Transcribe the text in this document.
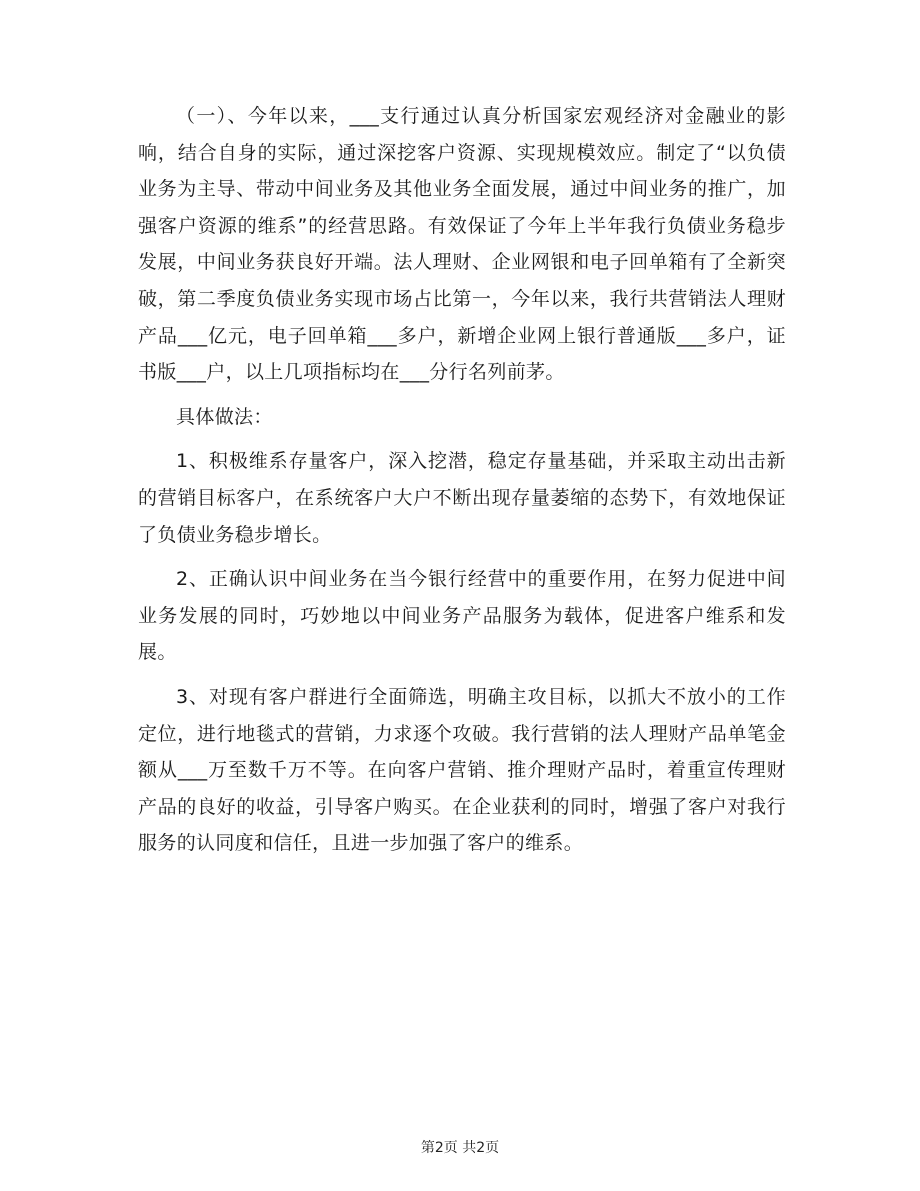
（一）、今年以来，___支行通过认真分析国家宏观经济对金融业的影响，结合自身的实际，通过深挖客户资源、实现规模效应。制定了“以负债业务为主导、带动中间业务及其他业务全面发展，通过中间业务的推广，加强客户资源的维系”的经营思路。有效保证了今年上半年我行负债业务稳步发展，中间业务获良好开端。法人理财、企业网银和电子回单箱有了全新突破，第二季度负债业务实现市场占比第一，今年以来，我行共营销法人理财产品___亿元，电子回单箱___多户，新增企业网上银行普通版___多户，证书版___户，以上几项指标均在___分行名列前茅。

具体做法：

1、积极维系存量客户，深入挖潜，稳定存量基础，并采取主动出击新的营销目标客户，在系统客户大户不断出现存量萎缩的态势下，有效地保证了负债业务稳步增长。

2、正确认识中间业务在当今银行经营中的重要作用，在努力促进中间业务发展的同时，巧妙地以中间业务产品服务为载体，促进客户维系和发展。

3、对现有客户群进行全面筛选，明确主攻目标，以抓大不放小的工作定位，进行地毯式的营销，力求逐个攻破。我行营销的法人理财产品单笔金额从___万至数千万不等。在向客户营销、推介理财产品时，着重宣传理财产品的良好的收益，引导客户购买。在企业获利的同时，增强了客户对我行服务的认同度和信任，且进一步加强了客户的维系。

第2页 共2页
